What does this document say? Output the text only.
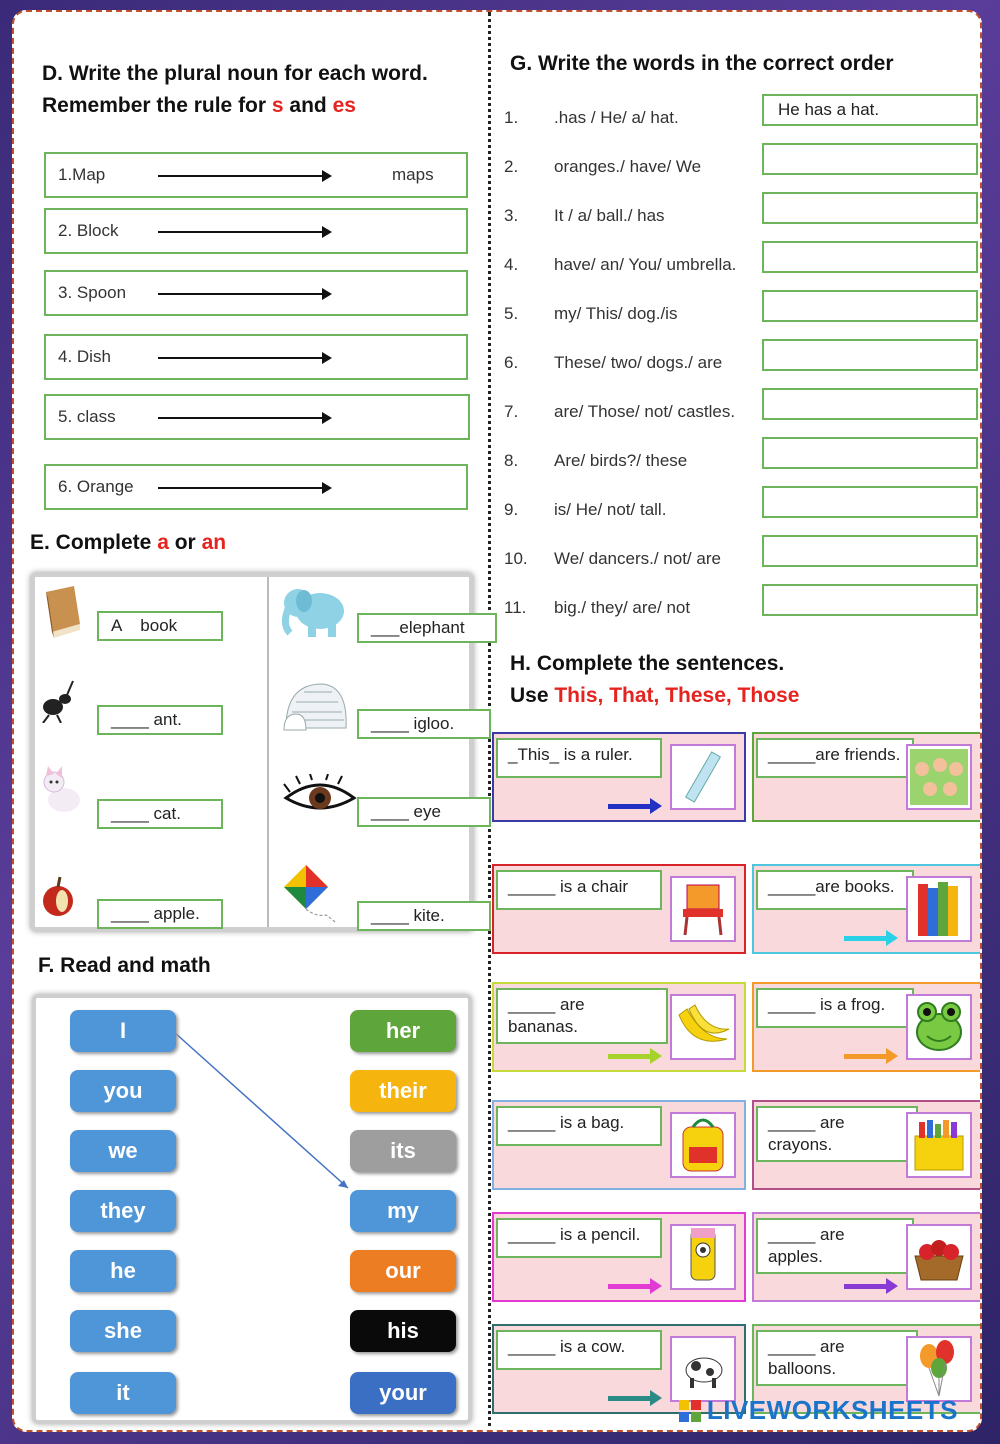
D. Write the plural noun for each word.
Remember the rule for s and es
1.Map	maps
2. Block
3. Spoon
4. Dish
5. class
6. Orange
E. Complete a or an
A    book
____ ant.
____ cat.
____ apple.
___elephant
____ igloo.
____ eye
____ kite.
F. Read and math
I
you
we
they
he
she
it
her
their
its
my
our
his
your
G. Write the words in the correct order
1. .has / He/ a/ hat.	He has a hat.
2. oranges./ have/ We
3. It / a/ ball./ has
4. have/ an/ You/ umbrella.
5. my/ This/ dog./is
6. These/ two/ dogs./ are
7. are/ Those/ not/ castles.
8. Are/ birds?/ these
9. is/ He/ not/ tall.
10. We/ dancers./ not/ are
11. big./ they/ are/ not
H. Complete the sentences.
Use This, That, These, Those
_This_ is a ruler.	_____are friends.
_____ is a chair	_____are books.
_____ are bananas.
_____ is a frog.
_____ is a bag.	_____ are crayons.
_____ is a pencil.	_____ are apples.
_____ is a cow.	_____ are balloons.
LIVEWORKSHEETS
